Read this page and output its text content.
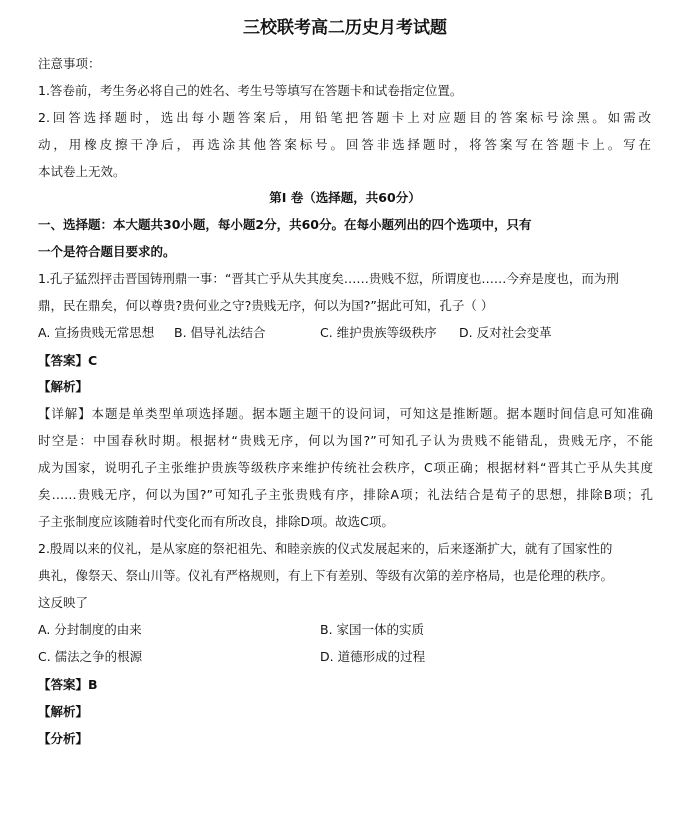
三校联考高二历史月考试题
注意事项：
1.答卷前，考生务必将自己的姓名、考生号等填写在答题卡和试卷指定位置。
2.回答选择题时，选出每小题答案后，用铅笔把答题卡上对应题目的答案标号涂黑。如需改
动，用橡皮擦干净后，再选涂其他答案标号。回答非选择题时，将答案写在答题卡上。写在
本试卷上无效。
第Ⅰ 卷（选择题，共60分）
一、选择题：本大题共30小题，每小题2分，共60分。在每小题列出的四个选项中，只有
一个是符合题目要求的。
1.孔子猛烈抨击晋国铸刑鼎一事：“晋其亡乎从失其度矣……贵贱不愆，所谓度也……今弃是度也，而为刑
鼎，民在鼎矣，何以尊贵?贵何业之守?贵贱无序，何以为国?”据此可知，孔子（ ）
A. 宣扬贵贱无常思想 B. 倡导礼法结合	C. 维护贵族等级秩序 D. 反对社会变革
【答案】C
【解析】
【详解】本题是单类型单项选择题。据本题主题干的设问词，可知这是推断题。据本题时间信息可知准确
时空是：中国春秋时期。根据材“贵贱无序，何以为国?”可知孔子认为贵贱不能错乱，贵贱无序，不能
成为国家，说明孔子主张维护贵族等级秩序来维护传统社会秩序，C项正确；根据材料“晋其亡乎从失其度
矣……贵贱无序，何以为国?”可知孔子主张贵贱有序，排除A项；礼法结合是荀子的思想，排除B项；孔
子主张制度应该随着时代变化而有所改良，排除D项。故选C项。
2.殷周以来的仪礼，是从家庭的祭祀祖先、和睦亲族的仪式发展起来的，后来逐渐扩大，就有了国家性的
典礼，像祭天、祭山川等。仪礼有严格规则，有上下有差别、等级有次第的差序格局，也是伦理的秩序。
这反映了
A. 分封制度的由来	B. 家国一体的实质
C. 儒法之争的根源	D. 道德形成的过程
【答案】B
【解析】
【分析】
